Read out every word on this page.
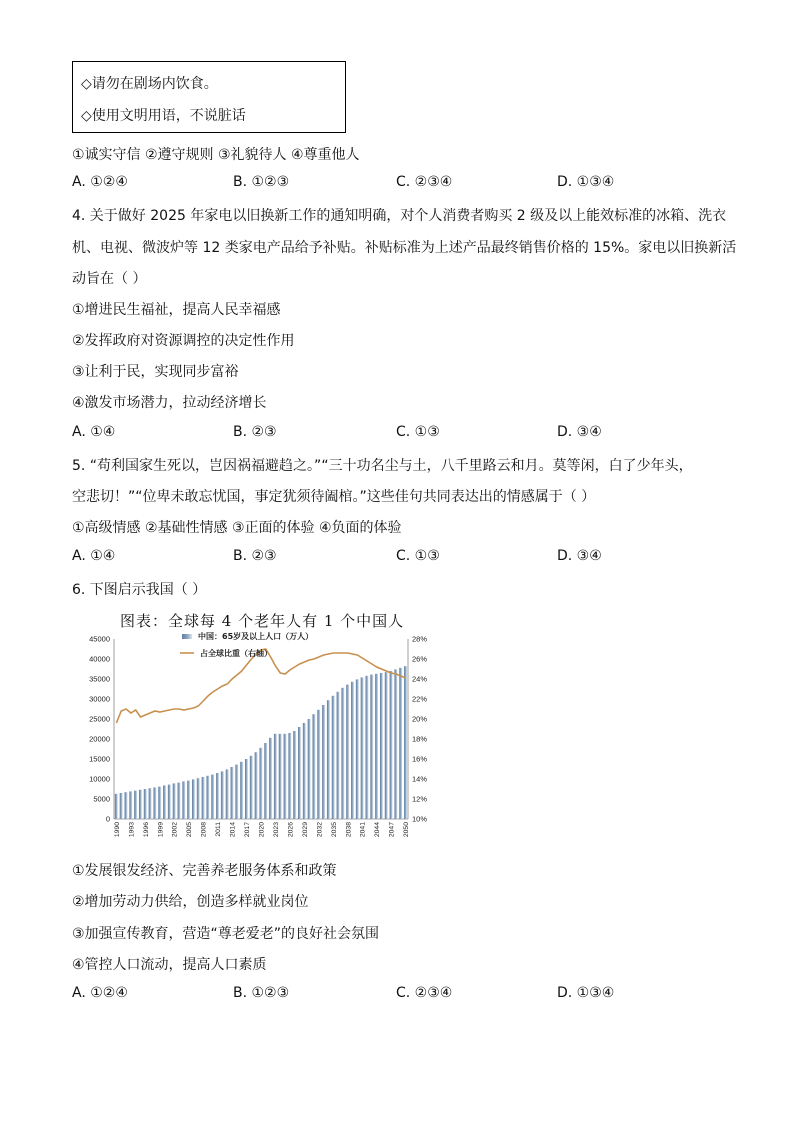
◇请勿在剧场内饮食。
◇使用文明用语，不说脏话
①诚实守信 ②遵守规则 ③礼貌待人 ④尊重他人
A. ①②④	B. ①②③	C. ②③④	D. ①③④
4. 关于做好 2025 年家电以旧换新工作的通知明确，对个人消费者购买 2 级及以上能效标准的冰箱、洗衣
机、电视、微波炉等 12 类家电产品给予补贴。补贴标准为上述产品最终销售价格的 15%。家电以旧换新活
动旨在（ ）
①增进民生福祉，提高人民幸福感
②发挥政府对资源调控的决定性作用
③让利于民，实现同步富裕
④激发市场潜力，拉动经济增长
A. ①④	B. ②③	C. ①③	D. ③④
5. “苟利国家生死以，岂因祸福避趋之。”“三十功名尘与土，八千里路云和月。莫等闲，白了少年头，
空悲切！”“位卑未敢忘忧国，事定犹须待阖棺。”这些佳句共同表达出的情感属于（ ）
①高级情感 ②基础性情感 ③正面的体验 ④负面的体验
A. ①④	B. ②③	C. ①③	D. ③④
6. 下图启示我国（ ）
图表：全球每 4 个老年人有 1 个中国人
0
5000
10000
15000
20000
25000
30000
35000
40000
45000
10%
12%
14%
16%
18%
20%
22%
24%
26%
28%
1990 1993 1996 1999 2002 2005 2008 2011 2014 2017 2020 2023 2026 2029 2032 2035 2038 2041 2044 2047 2050
中国：65岁及以上人口（万人）
占全球比重（右轴）
①发展银发经济、完善养老服务体系和政策
②增加劳动力供给，创造多样就业岗位
③加强宣传教育，营造“尊老爱老”的良好社会氛围
④管控人口流动，提高人口素质
A. ①②④	B. ①②③	C. ②③④	D. ①③④
